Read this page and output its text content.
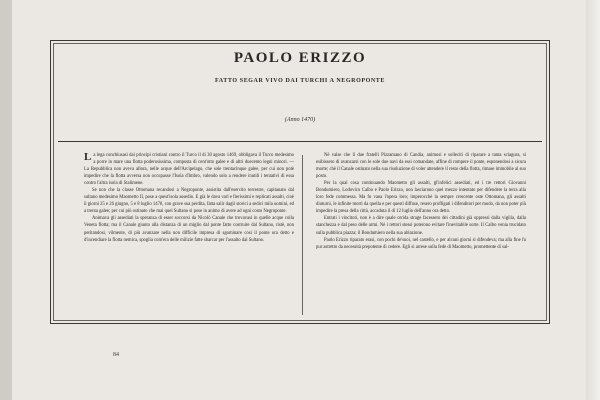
PAOLO ERIZZO
FATTO SEGAR VIVO DAI TURCHI A NEGROPONTE
(Anno 1470)

La lega conchiusasi dai principi cristiani contro il Turco il di 30 agosto 1469, obbligava il Turco medesimo a porre in mare una flotta poderosissima, composta di cent'otto galee e di altri duecento legni minori. — La Repubblica non aveva allora, nelle acque dell'Arcipelago, che sole trentacinque galee, per cui non potè impedire che la flotta avversa non occupasse l'Isola d'Imbro, valendo solo a rendere inutili i tentativi di essa contro l'altra isola di Stalimene.

Se non che la classe Ottomana recandosi a Negroponte, assistita dall'esercito terrestre, capitanato dal sultano medesimo Maometto II, pose a quest'isola assedio. E già le dava varî e fierissimi e replicati assalti, cioè il giorni 25 e 26 giugno, 5 e 8 luglio 1470, con grave sua perdita, fatta salir dagli storici a sedici mila uomini, ed a trenta galee; per cui più ostinato che mai quel Sultano si pose in animo di avere ad ogni costo Negroponte.

Animava gli assediati la speranza di esser soccorsi da Nicolò Canale che trovavasi in quelle acque colla Veneta flotta; ma il Canale giunto alla distanza di un miglio dal ponte fatto costruire dal Sultano, ristè, non peritandosi, vilmente, di più avanzare nella non difficile impresa di sgominare così il ponte ora detto e d'incendiare la flotta nemica, spoglia com'era delle milizie fatte sbarcar per l'assalto dal Sultano.

Nè valse che li due fratelli Pizzamano di Candia, animosi e sollecitì di riparare a tanta sciagura, si esibissero di avanzarsi con le sole due navi da essi comandate, affine di rompere il ponte, esponendosi a sicura morte; chè il Canale ostinato nella sua risoluzione di voler attendere il resto della flotta, rimase immobile al suo posto.

Per la qual cosa continuando Maometto gli assalti, gl'infelici assediati, ed i tre rettori Giovanni Bondumiero, Lodovico Calbo e Paolo Erizzo, non lasciarono quel mezzo intentato per difendere la terra alla loro fede commessa. Ma fu vana l'opera loro; imperocchè la sempre crescente oste Ottomana, gli assalti diuturni, le infinite morti da quella e per questi diffuse, resero profligati i difenditori per modo, da non poter più impedire la presa della città, accaduta il di 12 luglio dell'anno ora detto.

Entrati i vincitori, non è a dire quale orrida strage facessero dei cittadini già oppressi dalla vigilia, dalla stanchezza e dal peso delle armi. Nè i rettori stessi poterono evitare l'inevitabile sorte. Il Calbo venia trucidato sulla pubblica piazza; il Bondumiero nella sua ablazione.

Paolo Erizzo riparato erasi, con pochi de'suoi, nel castello, e per alcuni giorni si difendeva; ma alla fine fu pur astretto da necessità prepotente di cedere. Egli si arrese sulla fede di Maometto, promettente di sal-

84
